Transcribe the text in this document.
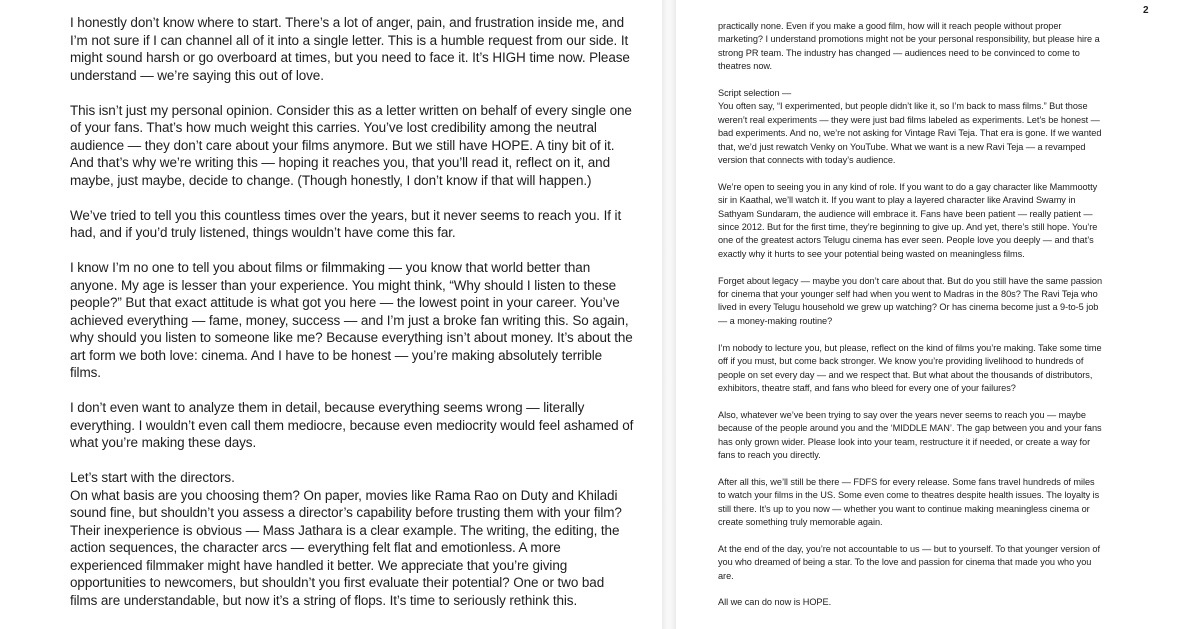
I honestly don’t know where to start. There’s a lot of anger, pain, and frustration inside me, and
I’m not sure if I can channel all of it into a single letter. This is a humble request from our side. It
might sound harsh or go overboard at times, but you need to face it. It’s HIGH time now. Please
understand — we’re saying this out of love.

This isn’t just my personal opinion. Consider this as a letter written on behalf of every single one
of your fans. That’s how much weight this carries. You’ve lost credibility among the neutral
audience — they don’t care about your films anymore. But we still have HOPE. A tiny bit of it.
And that’s why we’re writing this — hoping it reaches you, that you’ll read it, reflect on it, and
maybe, just maybe, decide to change. (Though honestly, I don’t know if that will happen.)

We’ve tried to tell you this countless times over the years, but it never seems to reach you. If it
had, and if you’d truly listened, things wouldn’t have come this far.

I know I’m no one to tell you about films or filmmaking — you know that world better than
anyone. My age is lesser than your experience. You might think, “Why should I listen to these
people?” But that exact attitude is what got you here — the lowest point in your career. You’ve
achieved everything — fame, money, success — and I’m just a broke fan writing this. So again,
why should you listen to someone like me? Because everything isn’t about money. It’s about the
art form we both love: cinema. And I have to be honest — you’re making absolutely terrible
films.

I don’t even want to analyze them in detail, because everything seems wrong — literally
everything. I wouldn’t even call them mediocre, because even mediocrity would feel ashamed of
what you’re making these days.

Let’s start with the directors.
On what basis are you choosing them? On paper, movies like Rama Rao on Duty and Khiladi
sound fine, but shouldn’t you assess a director’s capability before trusting them with your film?
Their inexperience is obvious — Mass Jathara is a clear example. The writing, the editing, the
action sequences, the character arcs — everything felt flat and emotionless. A more
experienced filmmaker might have handled it better. We appreciate that you’re giving
opportunities to newcomers, but shouldn’t you first evaluate their potential? One or two bad
films are understandable, but now it’s a string of flops. It’s time to seriously rethink this.

2

practically none. Even if you make a good film, how will it reach people without proper
marketing? I understand promotions might not be your personal responsibility, but please hire a
strong PR team. The industry has changed — audiences need to be convinced to come to
theatres now.

Script selection —
You often say, “I experimented, but people didn’t like it, so I’m back to mass films.” But those
weren’t real experiments — they were just bad films labeled as experiments. Let’s be honest —
bad experiments. And no, we’re not asking for Vintage Ravi Teja. That era is gone. If we wanted
that, we’d just rewatch Venky on YouTube. What we want is a new Ravi Teja — a revamped
version that connects with today’s audience.

We’re open to seeing you in any kind of role. If you want to do a gay character like Mammootty
sir in Kaathal, we’ll watch it. If you want to play a layered character like Aravind Swamy in
Sathyam Sundaram, the audience will embrace it. Fans have been patient — really patient —
since 2012. But for the first time, they’re beginning to give up. And yet, there’s still hope. You’re
one of the greatest actors Telugu cinema has ever seen. People love you deeply — and that’s
exactly why it hurts to see your potential being wasted on meaningless films.

Forget about legacy — maybe you don’t care about that. But do you still have the same passion
for cinema that your younger self had when you went to Madras in the 80s? The Ravi Teja who
lived in every Telugu household we grew up watching? Or has cinema become just a 9-to-5 job
— a money-making routine?

I’m nobody to lecture you, but please, reflect on the kind of films you’re making. Take some time
off if you must, but come back stronger. We know you’re providing livelihood to hundreds of
people on set every day — and we respect that. But what about the thousands of distributors,
exhibitors, theatre staff, and fans who bleed for every one of your failures?

Also, whatever we’ve been trying to say over the years never seems to reach you — maybe
because of the people around you and the ‘MIDDLE MAN’. The gap between you and your fans
has only grown wider. Please look into your team, restructure it if needed, or create a way for
fans to reach you directly.

After all this, we’ll still be there — FDFS for every release. Some fans travel hundreds of miles
to watch your films in the US. Some even come to theatres despite health issues. The loyalty is
still there. It’s up to you now — whether you want to continue making meaningless cinema or
create something truly memorable again.

At the end of the day, you’re not accountable to us — but to yourself. To that younger version of
you who dreamed of being a star. To the love and passion for cinema that made you who you
are.

All we can do now is HOPE.
